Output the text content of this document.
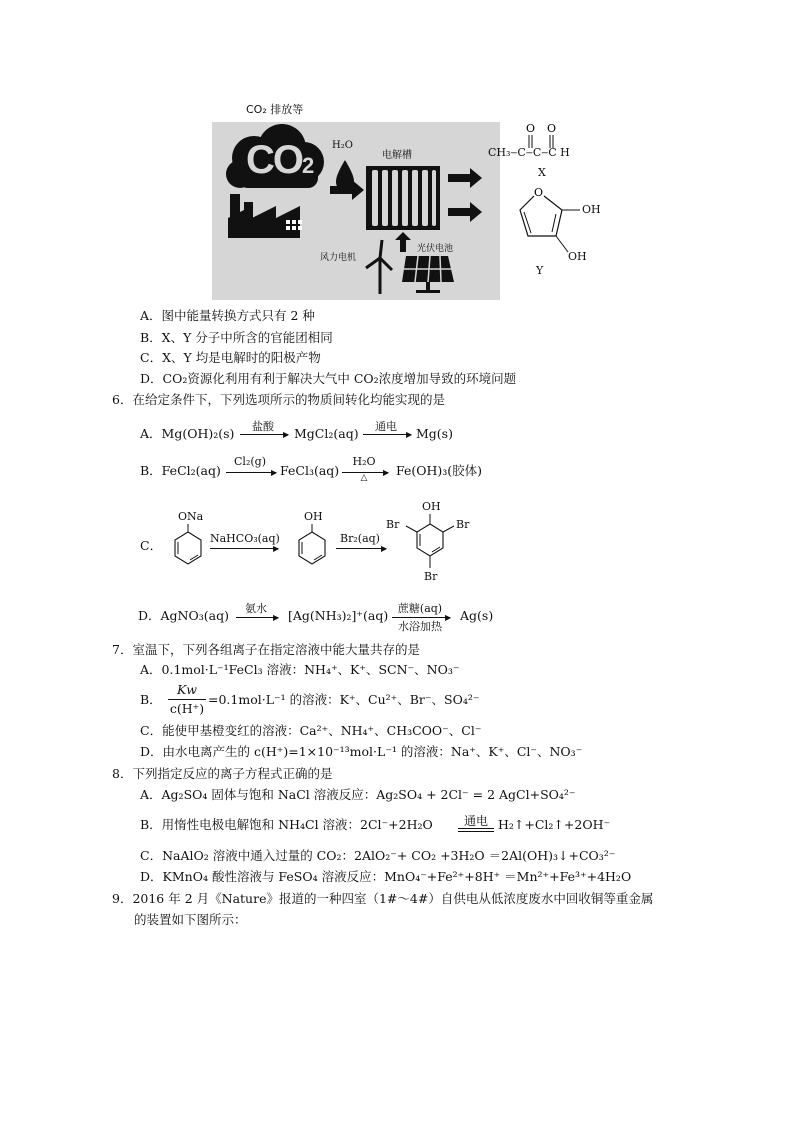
CO₂ 排放等
CO2
H₂O
电解槽
风力电机
光伏电池
O O
CH₃‒C‒C‒C H
X
O
OH
OH
Y
A．图中能量转换方式只有 2 种
B．X、Y 分子中所含的官能团相同
C．X、Y 均是电解时的阳极产物
D．CO₂资源化利用有利于解决大气中 CO₂浓度增加导致的环境问题
6．在给定条件下，下列选项所示的物质间转化均能实现的是
A．Mg(OH)₂(s)	盐酸
▶ MgCl₂(aq)	通电
▶ Mg(s)
B．FeCl₂(aq)
Cl₂(g)
▶ FeCl₃(aq)
H₂O
▶
△	Fe(OH)₃(胶体)
C．
ONa
NaHCO₃(aq)
▶
OH
Br₂(aq)
▶
OH
Br	Br
Br
D．AgNO₃(aq)	氨水
▶ [Ag(NH₃)₂]⁺(aq) 蔗糖(aq)
▶
水浴加热
Ag(s)
7．室温下，下列各组离子在指定溶液中能大量共存的是
A．0.1mol·L⁻¹FeCl₃ 溶液：NH₄⁺、K⁺、SCN⁻、NO₃⁻
B．
Kw
c(H⁺)
=0.1mol·L⁻¹ 的溶液：K⁺、Cu²⁺、Br⁻、SO₄²⁻
C．能使甲基橙变红的溶液：Ca²⁺、NH₄⁺、CH₃COO⁻、Cl⁻
D．由水电离产生的 c(H⁺)=1×10⁻¹³mol·L⁻¹ 的溶液：Na⁺、K⁺、Cl⁻、NO₃⁻
8．下列指定反应的离子方程式正确的是
A．Ag₂SO₄ 固体与饱和 NaCl 溶液反应：Ag₂SO₄ + 2Cl⁻ = 2 AgCl+SO₄²⁻
B．用惰性电极电解饱和 NH₄Cl 溶液：2Cl⁻+2H₂O	通电 H₂↑+Cl₂↑+2OH⁻
C．NaAlO₂ 溶液中通入过量的 CO₂：2AlO₂⁻+ CO₂ +3H₂O ＝2Al(OH)₃↓+CO₃²⁻
D．KMnO₄ 酸性溶液与 FeSO₄ 溶液反应：MnO₄⁻+Fe²⁺+8H⁺ ＝Mn²⁺+Fe³⁺+4H₂O
9．2016 年 2 月《Nature》报道的一种四室（1#～4#）自供电从低浓度废水中回收铜等重金属
的装置如下图所示：
